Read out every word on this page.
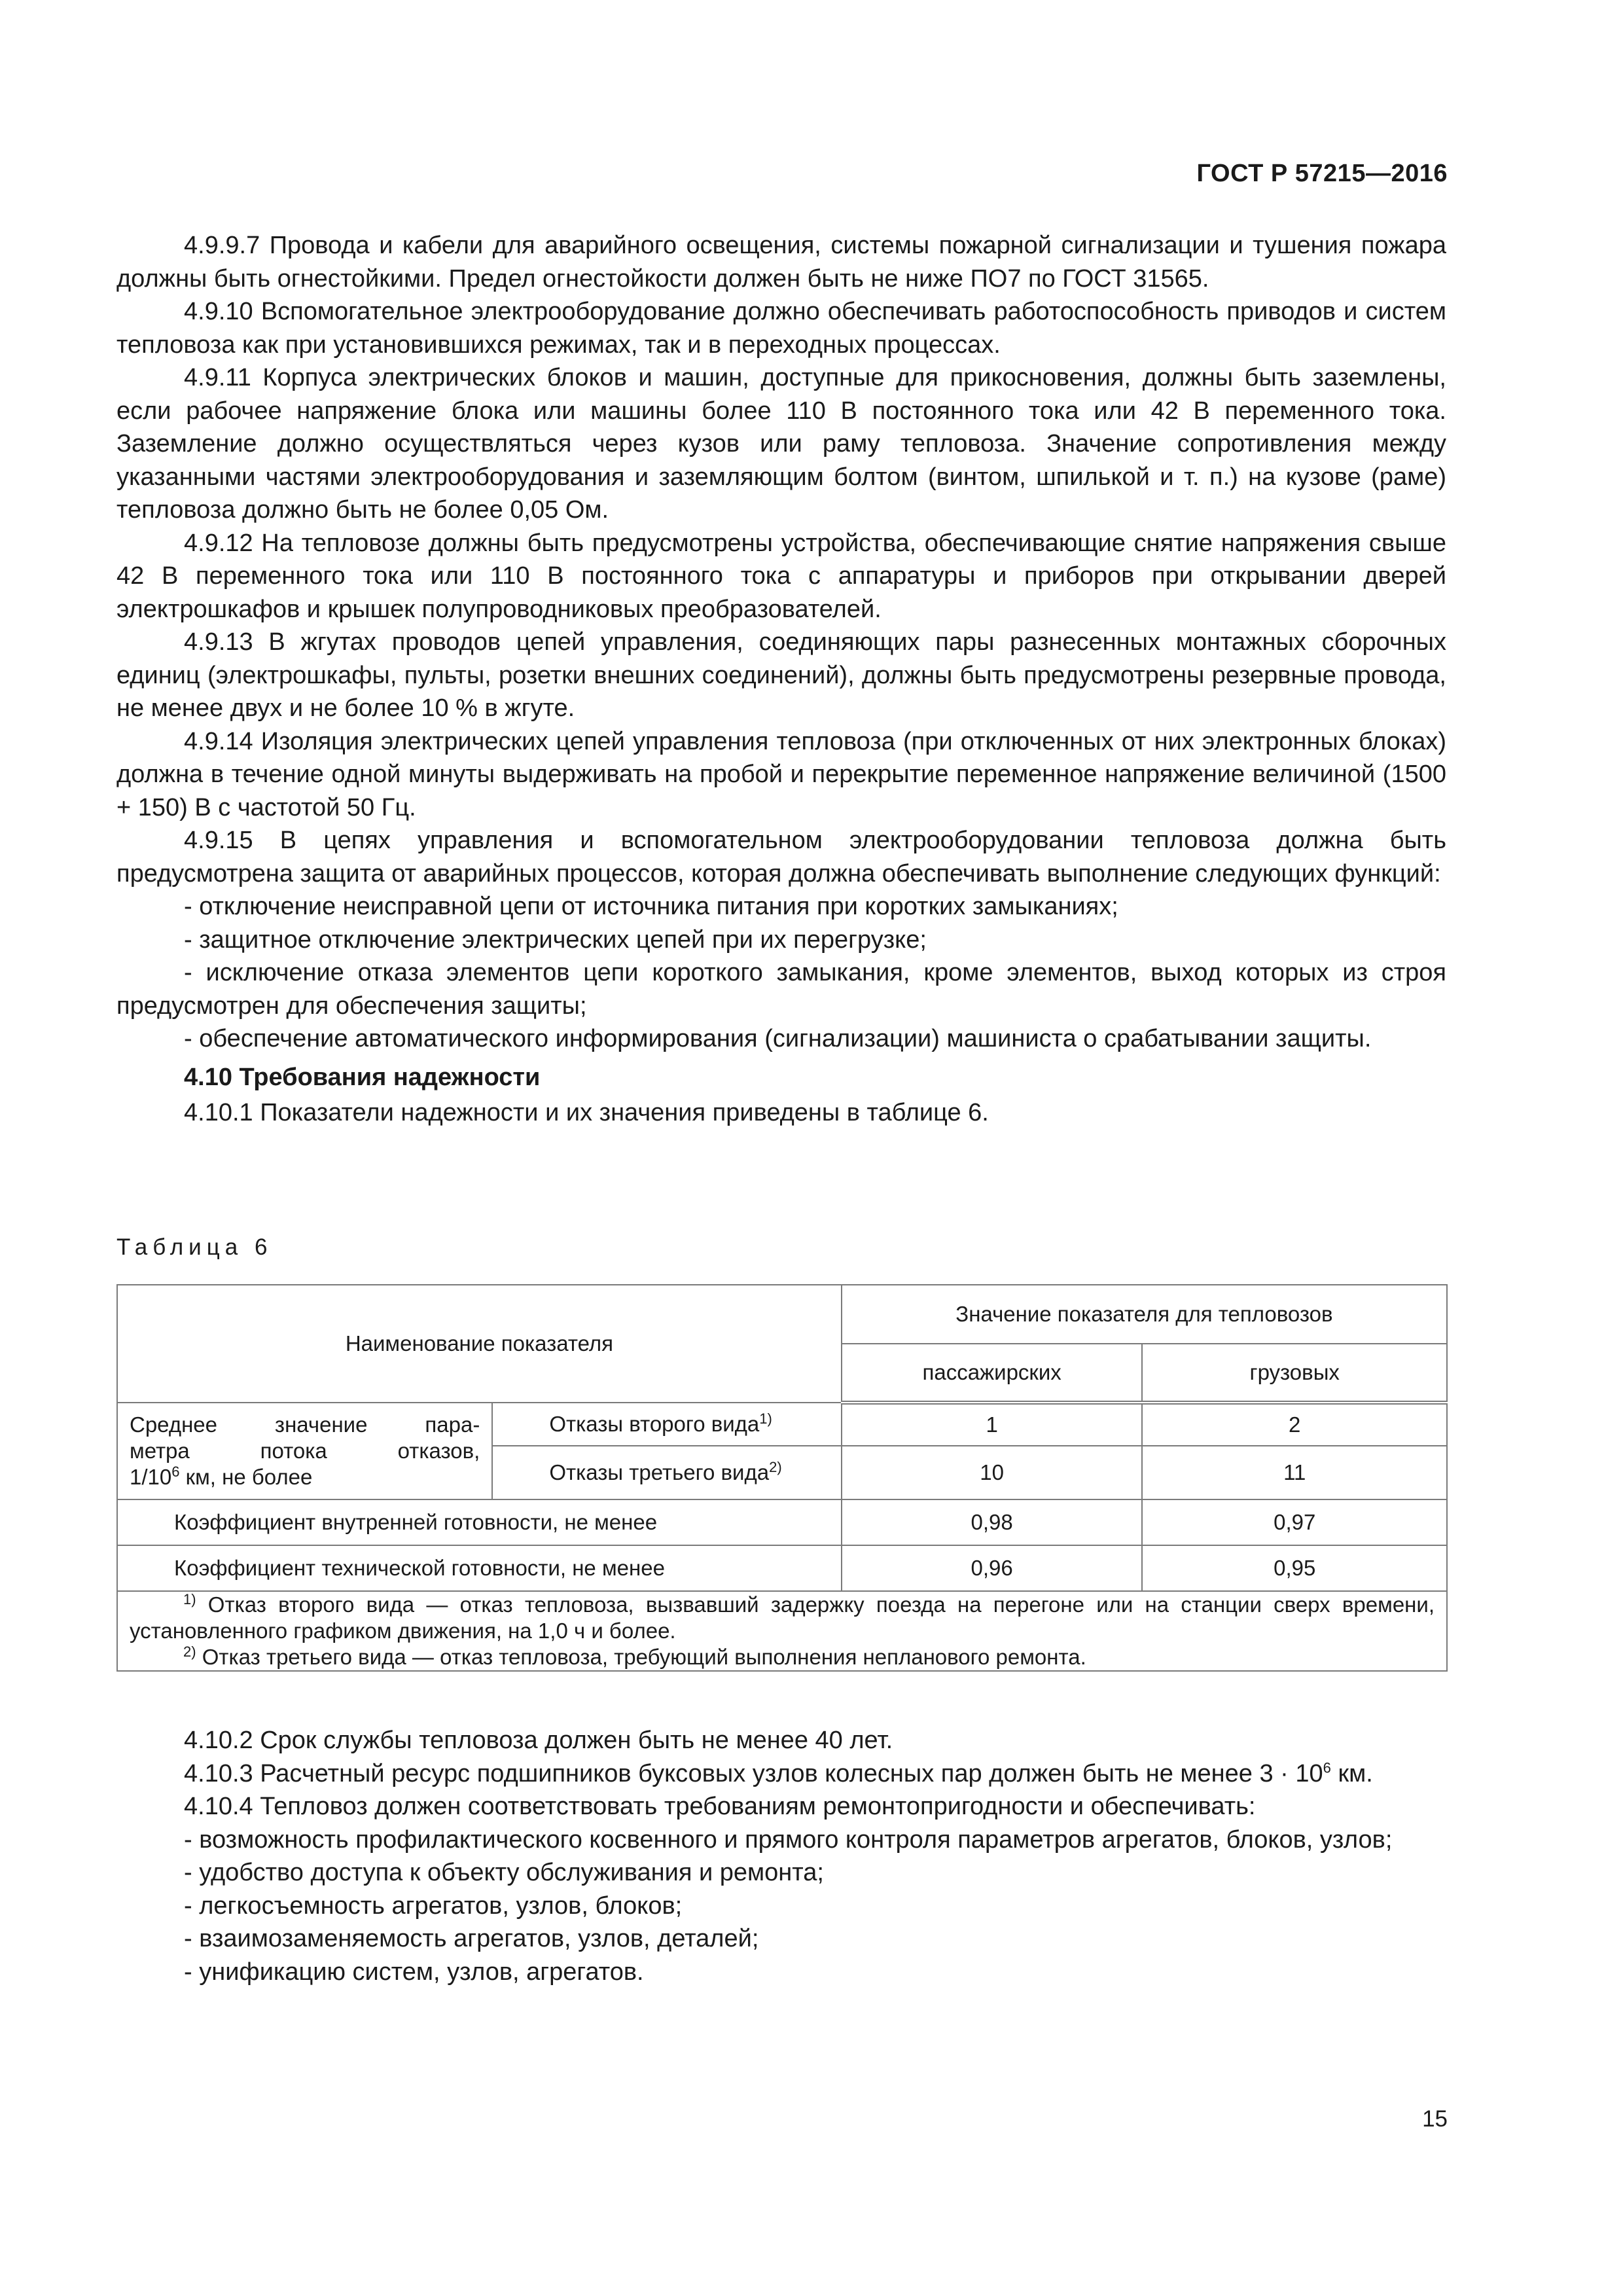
ГОСТ Р 57215—2016

4.9.9.7 Провода и кабели для аварийного освещения, системы пожарной сигнализации и тушения пожара должны быть огнестойкими. Предел огнестойкости должен быть не ниже ПО7 по ГОСТ 31565.

4.9.10 Вспомогательное электрооборудование должно обеспечивать работоспособность приводов и систем тепловоза как при установившихся режимах, так и в переходных процессах.

4.9.11 Корпуса электрических блоков и машин, доступные для прикосновения, должны быть заземлены, если рабочее напряжение блока или машины более 110 В постоянного тока или 42 В переменного тока. Заземление должно осуществляться через кузов или раму тепловоза. Значение сопротивления между указанными частями электрооборудования и заземляющим болтом (винтом, шпилькой и т. п.) на кузове (раме) тепловоза должно быть не более 0,05 Ом.

4.9.12 На тепловозе должны быть предусмотрены устройства, обеспечивающие снятие напряжения свыше 42 В переменного тока или 110 В постоянного тока с аппаратуры и приборов при открывании дверей электрошкафов и крышек полупроводниковых преобразователей.

4.9.13 В жгутах проводов цепей управления, соединяющих пары разнесенных монтажных сборочных единиц (электрошкафы, пульты, розетки внешних соединений), должны быть предусмотрены резервные провода, не менее двух и не более 10 % в жгуте.

4.9.14 Изоляция электрических цепей управления тепловоза (при отключенных от них электронных блоках) должна в течение одной минуты выдерживать на пробой и перекрытие переменное напряжение величиной (1500 + 150) В с частотой 50 Гц.

4.9.15 В цепях управления и вспомогательном электрооборудовании тепловоза должна быть предусмотрена защита от аварийных процессов, которая должна обеспечивать выполнение следующих функций:

- отключение неисправной цепи от источника питания при коротких замыканиях;

- защитное отключение электрических цепей при их перегрузке;

- исключение отказа элементов цепи короткого замыкания, кроме элементов, выход которых из строя предусмотрен для обеспечения защиты;

- обеспечение автоматического информирования (сигнализации) машиниста о срабатывании защиты.

4.10 Требования надежности

4.10.1 Показатели надежности и их значения приведены в таблице 6.

Таблица 6
Наименование показателя		Значение показателя для тепловозов	
		пассажирских	грузовых

Среднее значение пара-
метра потока отказов,
$1/10^6$ км, не более	Отказы второго вида$^{1)}$	1	2
	Отказы третьего вида$^{2)}$	10	11
Коэффициент внутренней готовности, не менее		0,98	0,97
Коэффициент технической готовности, не менее		0,96	0,95

$^{1)}$ Отказ второго вида — отказ тепловоза, вызвавший задержку поезда на перегоне или на станции сверх времени, установленного графиком движения, на 1,0 ч и более.

$^{2)}$ Отказ третьего вида — отказ тепловоза, требующий выполнения непланового ремонта.			

4.10.2 Срок службы тепловоза должен быть не менее 40 лет.

4.10.3 Расчетный ресурс подшипников буксовых узлов колесных пар должен быть не менее $3 \cdot 10^6$ км.

4.10.4 Тепловоз должен соответствовать требованиям ремонтопригодности и обеспечивать:

- возможность профилактического косвенного и прямого контроля параметров агрегатов, блоков, узлов;

- удобство доступа к объекту обслуживания и ремонта;

- легкосъемность агрегатов, узлов, блоков;

- взаимозаменяемость агрегатов, узлов, деталей;

- унификацию систем, узлов, агрегатов.

15
